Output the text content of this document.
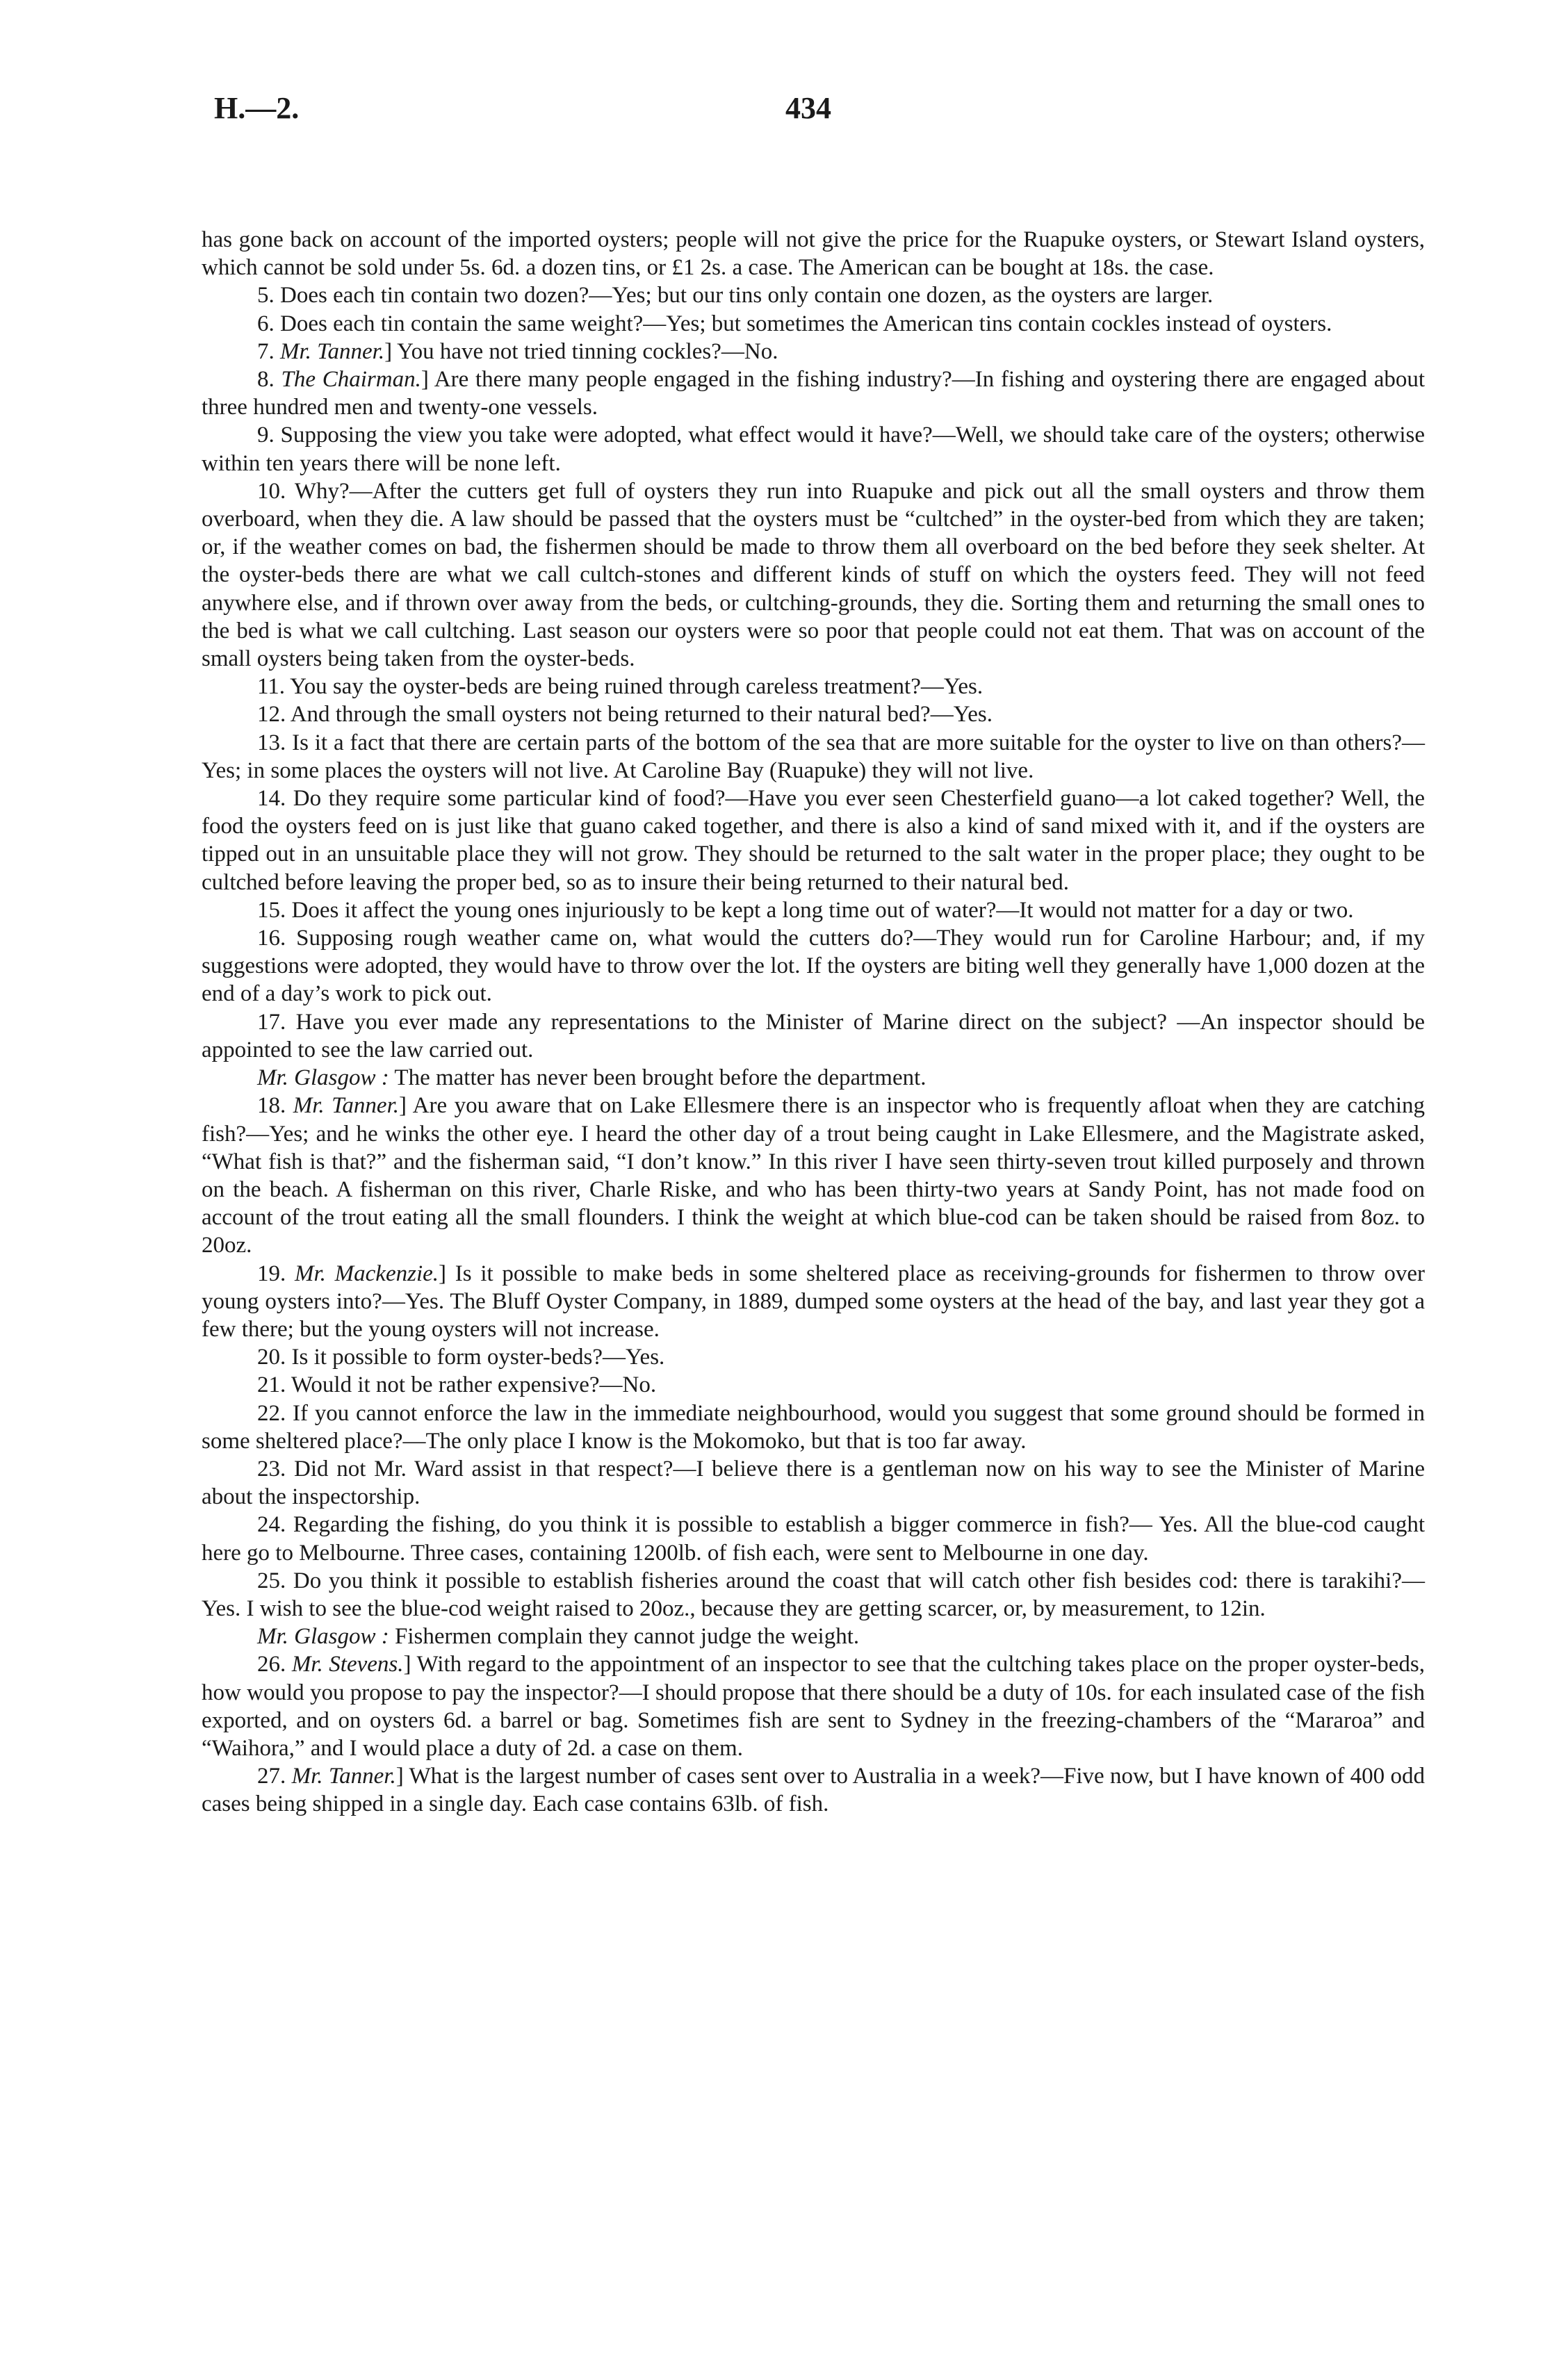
H.—2.	434

has gone back on account of the imported oysters; people will not give the price for the Ruapuke oysters, or Stewart Island oysters, which cannot be sold under 5s. 6d. a dozen tins, or £1 2s. a case. The American can be bought at 18s. the case.

5. Does each tin contain two dozen?—Yes; but our tins only contain one dozen, as the oysters are larger.

6. Does each tin contain the same weight?—Yes; but sometimes the American tins contain cockles instead of oysters.

7. Mr. Tanner.] You have not tried tinning cockles?—No.

8. The Chairman.] Are there many people engaged in the fishing industry?—In fishing and oystering there are engaged about three hundred men and twenty-one vessels.

9. Supposing the view you take were adopted, what effect would it have?—Well, we should take care of the oysters; otherwise within ten years there will be none left.

10. Why?—After the cutters get full of oysters they run into Ruapuke and pick out all the small oysters and throw them overboard, when they die. A law should be passed that the oysters must be “cultched” in the oyster-bed from which they are taken; or, if the weather comes on bad, the fishermen should be made to throw them all overboard on the bed before they seek shelter. At the oyster-beds there are what we call cultch-stones and different kinds of stuff on which the oysters feed. They will not feed anywhere else, and if thrown over away from the beds, or cultching-grounds, they die. Sorting them and returning the small ones to the bed is what we call cultching. Last season our oysters were so poor that people could not eat them. That was on account of the small oysters being taken from the oyster-beds.

11. You say the oyster-beds are being ruined through careless treatment?—Yes.

12. And through the small oysters not being returned to their natural bed?—Yes.

13. Is it a fact that there are certain parts of the bottom of the sea that are more suitable for the oyster to live on than others?—Yes; in some places the oysters will not live. At Caroline Bay (Ruapuke) they will not live.

14. Do they require some particular kind of food?—Have you ever seen Chesterfield guano—a lot caked together? Well, the food the oysters feed on is just like that guano caked together, and there is also a kind of sand mixed with it, and if the oysters are tipped out in an unsuitable place they will not grow. They should be returned to the salt water in the proper place; they ought to be cultched before leaving the proper bed, so as to insure their being returned to their natural bed.

15. Does it affect the young ones injuriously to be kept a long time out of water?—It would not matter for a day or two.

16. Supposing rough weather came on, what would the cutters do?—They would run for Caroline Harbour; and, if my suggestions were adopted, they would have to throw over the lot. If the oysters are biting well they generally have 1,000 dozen at the end of a day’s work to pick out.

17. Have you ever made any representations to the Minister of Marine direct on the subject? —An inspector should be appointed to see the law carried out.

Mr. Glasgow : The matter has never been brought before the department.

18. Mr. Tanner.] Are you aware that on Lake Ellesmere there is an inspector who is frequently afloat when they are catching fish?—Yes; and he winks the other eye. I heard the other day of a trout being caught in Lake Ellesmere, and the Magistrate asked, “What fish is that?” and the fisherman said, “I don’t know.” In this river I have seen thirty-seven trout killed purposely and thrown on the beach. A fisherman on this river, Charle Riske, and who has been thirty-two years at Sandy Point, has not made food on account of the trout eating all the small flounders. I think the weight at which blue-cod can be taken should be raised from 8oz. to 20oz.

19. Mr. Mackenzie.] Is it possible to make beds in some sheltered place as receiving-grounds for fishermen to throw over young oysters into?—Yes. The Bluff Oyster Company, in 1889, dumped some oysters at the head of the bay, and last year they got a few there; but the young oysters will not increase.

20. Is it possible to form oyster-beds?—Yes.

21. Would it not be rather expensive?—No.

22. If you cannot enforce the law in the immediate neighbourhood, would you suggest that some ground should be formed in some sheltered place?—The only place I know is the Mokomoko, but that is too far away.

23. Did not Mr. Ward assist in that respect?—I believe there is a gentleman now on his way to see the Minister of Marine about the inspectorship.

24. Regarding the fishing, do you think it is possible to establish a bigger commerce in fish?— Yes. All the blue-cod caught here go to Melbourne. Three cases, containing 1200lb. of fish each, were sent to Melbourne in one day.

25. Do you think it possible to establish fisheries around the coast that will catch other fish besides cod: there is tarakihi?—Yes. I wish to see the blue-cod weight raised to 20oz., because they are getting scarcer, or, by measurement, to 12in.

Mr. Glasgow : Fishermen complain they cannot judge the weight.

26. Mr. Stevens.] With regard to the appointment of an inspector to see that the cultching takes place on the proper oyster-beds, how would you propose to pay the inspector?—I should propose that there should be a duty of 10s. for each insulated case of the fish exported, and on oysters 6d. a barrel or bag. Sometimes fish are sent to Sydney in the freezing-chambers of the “Mararoa” and “Waihora,” and I would place a duty of 2d. a case on them.

27. Mr. Tanner.] What is the largest number of cases sent over to Australia in a week?—Five now, but I have known of 400 odd cases being shipped in a single day. Each case contains 63lb. of fish.
